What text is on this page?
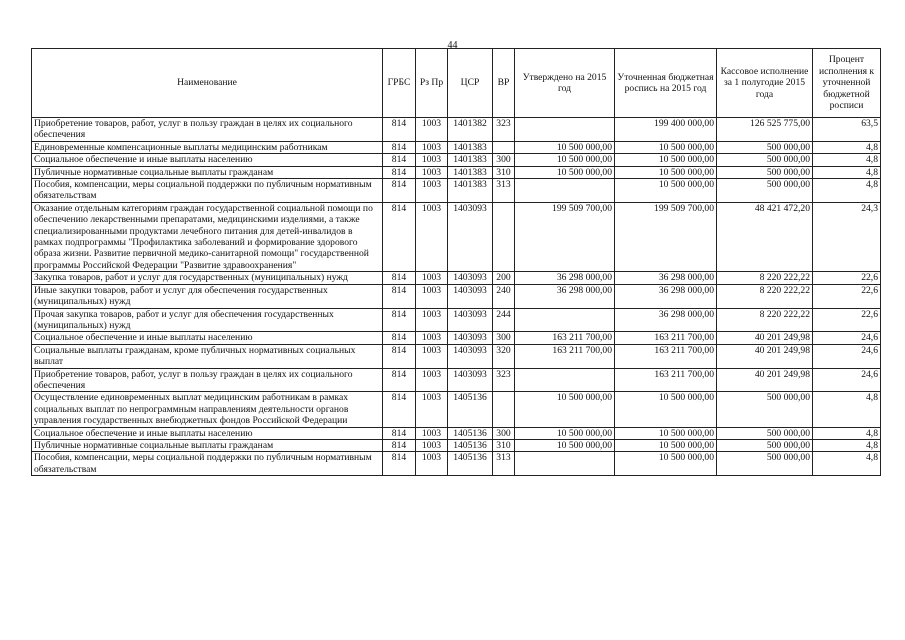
44
Наименование	ГРБС	Рз Пр	ЦСР	ВР	Утверждено на 2015 год	Уточненная бюджетная роспись на 2015 год	Кассовое исполнение за 1 полугодие 2015 года	Процент исполнения к уточненной бюджетной росписи
Приобретение товаров, работ, услуг в пользу граждан в целях их социального обеспечения	814	1003	1401382	323		199 400 000,00	126 525 775,00	63,5
Единовременные компенсационные выплаты медицинским работникам	814	1003	1401383		10 500 000,00	10 500 000,00	500 000,00	4,8
Социальное обеспечение и иные выплаты населению	814	1003	1401383	300	10 500 000,00	10 500 000,00	500 000,00	4,8
Публичные нормативные социальные выплаты гражданам	814	1003	1401383	310	10 500 000,00	10 500 000,00	500 000,00	4,8
Пособия, компенсации, меры социальной поддержки по публичным нормативным обязательствам	814	1003	1401383	313		10 500 000,00	500 000,00	4,8
Оказание отдельным категориям граждан государственной социальной помощи по обеспечению лекарственными препаратами, медицинскими изделиями, а также специализированными продуктами лечебного питания для детей-инвалидов в рамках подпрограммы "Профилактика заболеваний и формирование здорового образа жизни. Развитие первичной медико-санитарной помощи" государственной программы Российской Федерации "Развитие здравоохранения"	814	1003	1403093		199 509 700,00	199 509 700,00	48 421 472,20	24,3
Закупка товаров, работ и услуг для государственных (муниципальных) нужд	814	1003	1403093	200	36 298 000,00	36 298 000,00	8 220 222,22	22,6
Иные закупки товаров, работ и услуг для обеспечения государственных (муниципальных) нужд	814	1003	1403093	240	36 298 000,00	36 298 000,00	8 220 222,22	22,6
Прочая закупка товаров, работ и услуг для обеспечения государственных (муниципальных) нужд	814	1003	1403093	244		36 298 000,00	8 220 222,22	22,6
Социальное обеспечение и иные выплаты населению	814	1003	1403093	300	163 211 700,00	163 211 700,00	40 201 249,98	24,6
Социальные выплаты гражданам, кроме публичных нормативных социальных выплат	814	1003	1403093	320	163 211 700,00	163 211 700,00	40 201 249,98	24,6
Приобретение товаров, работ, услуг в пользу граждан в целях их социального обеспечения	814	1003	1403093	323		163 211 700,00	40 201 249,98	24,6
Осуществление единовременных выплат медицинским работникам в рамках социальных выплат по непрограммным направлениям деятельности органов управления государственных внебюджетных фондов Российской Федерации	814	1003	1405136		10 500 000,00	10 500 000,00	500 000,00	4,8
Социальное обеспечение и иные выплаты населению	814	1003	1405136	300	10 500 000,00	10 500 000,00	500 000,00	4,8
Публичные нормативные социальные выплаты гражданам	814	1003	1405136	310	10 500 000,00	10 500 000,00	500 000,00	4,8
Пособия, компенсации, меры социальной поддержки по публичным нормативным обязательствам	814	1003	1405136	313		10 500 000,00	500 000,00	4,8
